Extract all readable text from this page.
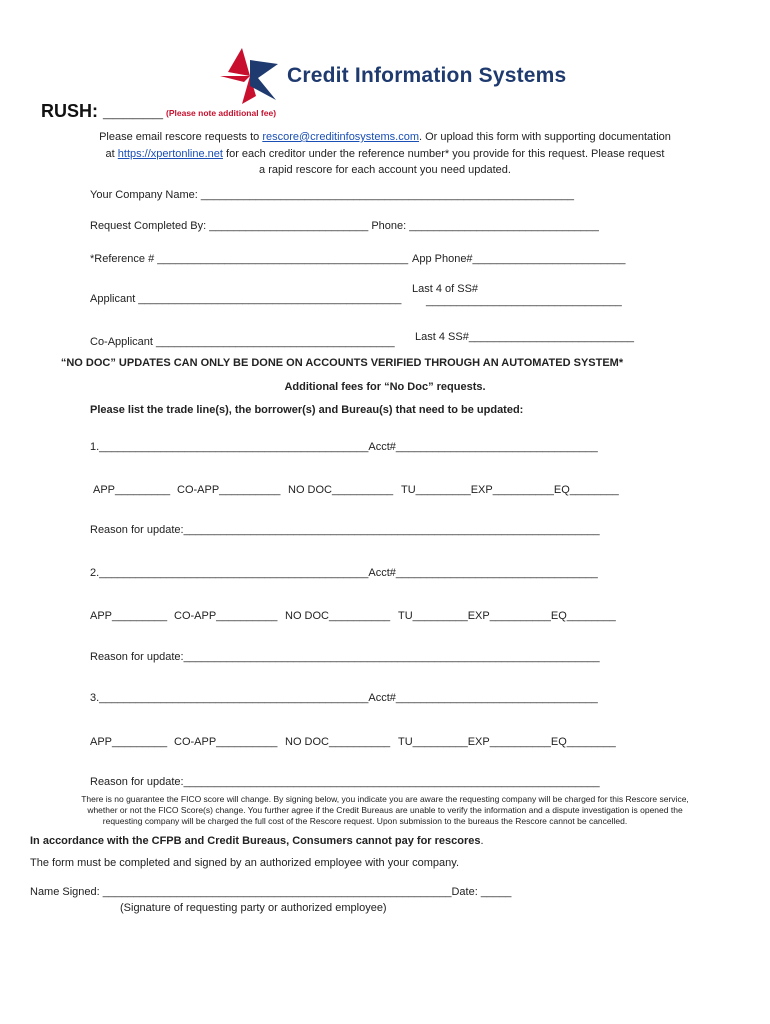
Credit Information Systems
RUSH: ______ (Please note additional fee)
Please email rescore requests to rescore@creditinfosystems.com. Or upload this form with supporting documentation
at https://xpertonline.net for each creditor under the reference number* you provide for this request. Please request
a rapid rescore for each account you need updated.
Your Company Name: _____________________________________________________________
Request Completed By: __________________________ Phone: _______________________________
*Reference # _________________________________________ App Phone#_________________________
Last 4 of SS#
________________________________
Applicant ___________________________________________
Co-Applicant _______________________________________ Last 4 SS#___________________________
“NO DOC” UPDATES CAN ONLY BE DONE ON ACCOUNTS VERIFIED THROUGH AN AUTOMATED SYSTEM*
Additional fees for “No Doc” requests.
Please list the trade line(s), the borrower(s) and Bureau(s) that need to be updated:
1.____________________________________________Acct#_________________________________
APP_________ CO-APP__________ NO DOC__________ TU_________EXP__________EQ________
Reason for update:____________________________________________________________________
2.____________________________________________Acct#_________________________________
APP_________ CO-APP__________ NO DOC__________ TU_________EXP__________EQ________
Reason for update:____________________________________________________________________
3.____________________________________________Acct#_________________________________
APP_________ CO-APP__________ NO DOC__________ TU_________EXP__________EQ________
Reason for update:____________________________________________________________________
There is no guarantee the FICO score will change. By signing below, you indicate you are aware the requesting company will be charged for this Rescore service,
whether or not the FICO Score(s) change. You further agree if the Credit Bureaus are unable to verify the information and a dispute investigation is opened the
requesting company will be charged the full cost of the Rescore request. Upon submission to the bureaus the Rescore cannot be cancelled.
In accordance with the CFPB and Credit Bureaus, Consumers cannot pay for rescores.
The form must be completed and signed by an authorized employee with your company.
Name Signed: _________________________________________________________Date: _____
(Signature of requesting party or authorized employee)
